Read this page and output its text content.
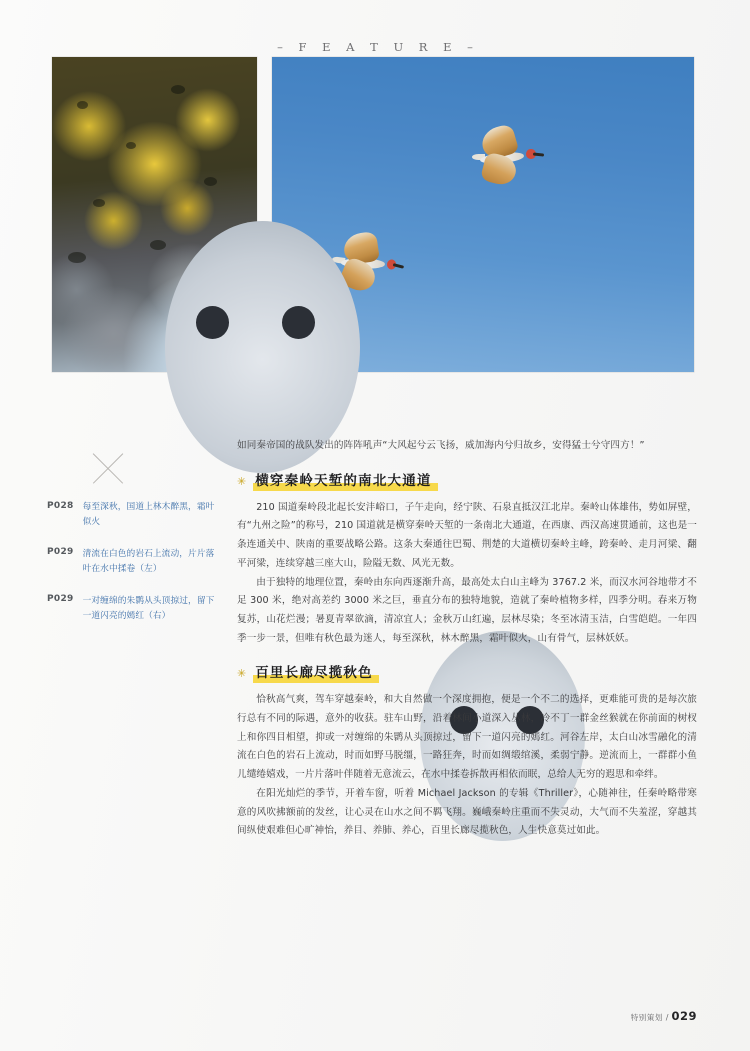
– F E A T U R E –
P028 每至深秋，国道上林木醉黑，霜叶似火
P029 清流在白色的岩石上流动，片片落叶在水中揉卷（左）
P029 一对缠绵的朱鹮从头顶掠过，留下一道闪亮的嫣红（右）
如同秦帝国的战队发出的阵阵吼声“大风起兮云飞扬，威加海内兮归故乡，安得猛士兮守四方！”
✳ 横穿秦岭天堑的南北大通道
210 国道秦岭段北起长安沣峪口，子午走向，经宁陕、石泉直抵汉江北岸。秦岭山体雄伟，势如屏壁，有“九州之险”的称号，210 国道就是横穿秦岭天堑的一条南北大通道，在西康、西汉高速贯通前，这也是一条连通关中、陕南的重要战略公路。这条大秦通往巴蜀、荆楚的大道横切秦岭主峰，跨秦岭、走月河梁、翻平河梁，连续穿越三座大山，险隘无数、风光无数。
由于独特的地理位置，秦岭由东向西逐渐升高，最高处太白山主峰为 3767.2 米，而汉水河谷地带才不足 300 米，绝对高差约 3000 米之巨，垂直分布的独特地貌，造就了秦岭植物多样，四季分明。春来万物复苏，山花烂漫；暑夏青翠欲滴，清凉宜人；金秋万山红遍，层林尽染；冬至冰清玉洁，白雪皑皑。一年四季一步一景，但唯有秋色最为迷人，每至深秋，林木醉黑，霜叶似火，山有骨气，层林妖妖。
✳ 百里长廊尽揽秋色
恰秋高气爽，驾车穿越秦岭，和大自然做一个深度拥抱，便是一个不二的选择，更难能可贵的是每次旅行总有不同的际遇，意外的收获。驻车山野，沿着林间小道深入丛林，冷不丁一群金丝猴就在你前面的树杈上和你四目相望，抑或一对缠绵的朱鹮从头顶掠过，留下一道闪亮的嫣红。河谷左岸，太白山冰雪融化的清流在白色的岩石上流动，时而如野马脱缰，一路狂奔，时而如绸缎绾溪，柔弱宁静。逆流而上，一群群小鱼儿缱绻嬉戏，一片片落叶伴随着无意流云，在水中揉卷拆散再相依而眠，总给人无穷的遐思和牵绊。
在阳光灿烂的季节，开着车窗，听着 Michael Jackson 的专辑《Thriller》，心随神往，任秦岭略带寒意的风吹拂额前的发丝，让心灵在山水之间不羁飞翔。巍峨秦岭庄重而不失灵动，大气而不失羞涩，穿越其间纵使艰难但心旷神怡，养目、养肺、养心，百里长廊尽揽秋色，人生快意莫过如此。
特别策划 / 029
